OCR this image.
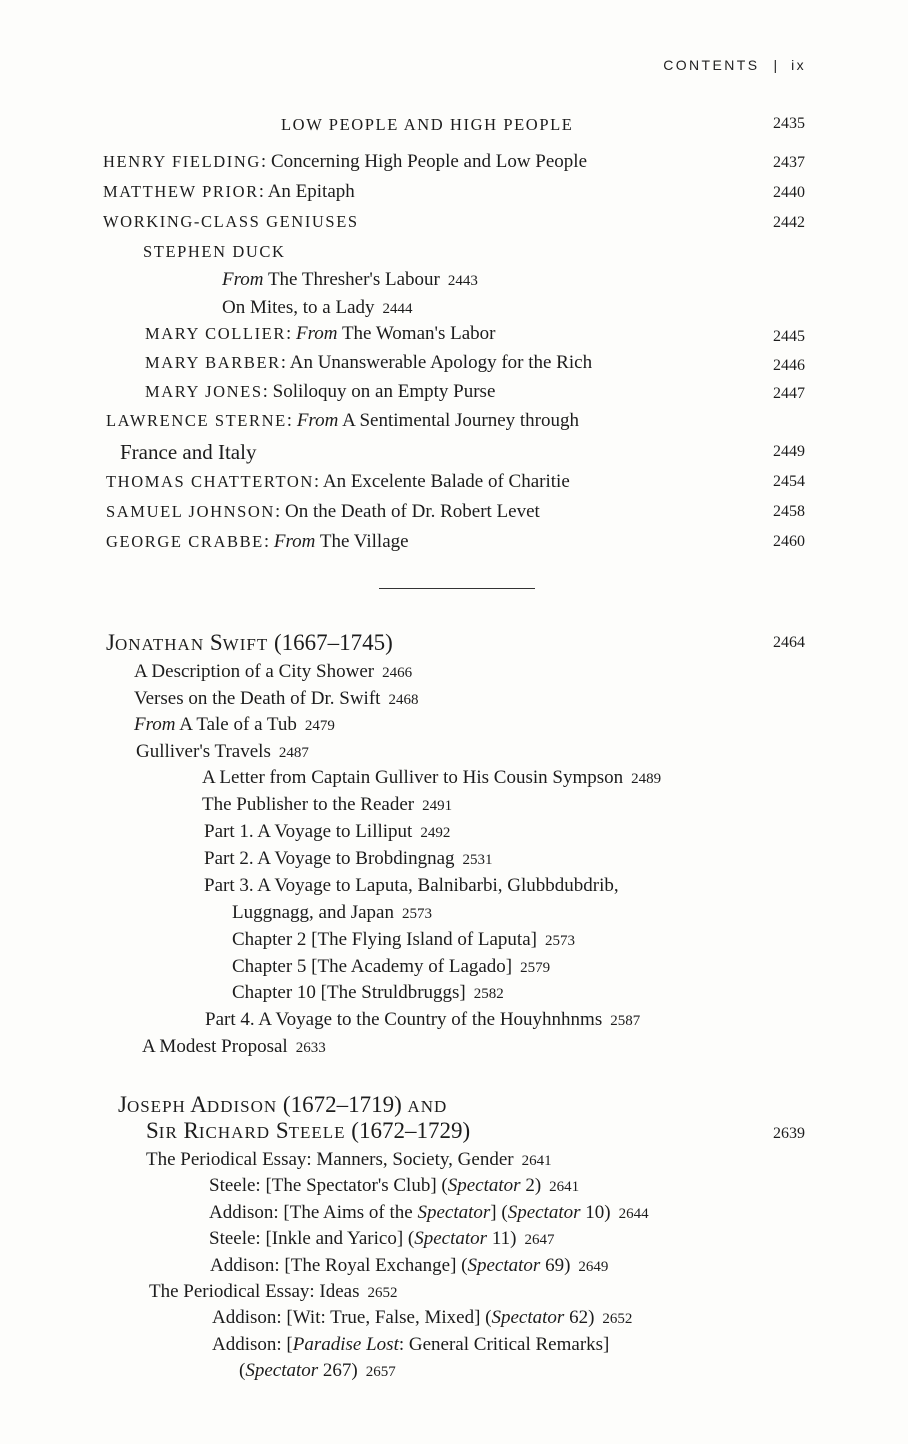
CONTENTS | ix
LOW PEOPLE AND HIGH PEOPLE	2435
HENRY FIELDING: Concerning High People and Low People	2437
MATTHEW PRIOR: An Epitaph	2440
WORKING-CLASS GENIUSES	2442
STEPHEN DUCK
From The Thresher's Labour 2443
On Mites, to a Lady 2444
MARY COLLIER: From The Woman's Labor	2445
MARY BARBER: An Unanswerable Apology for the Rich	2446
MARY JONES: Soliloquy on an Empty Purse	2447
LAWRENCE STERNE: From A Sentimental Journey through
France and Italy	2449
THOMAS CHATTERTON: An Excelente Balade of Charitie	2454
SAMUEL JOHNSON: On the Death of Dr. Robert Levet	2458
GEORGE CRABBE: From The Village	2460
JONATHAN SWIFT (1667–1745)	2464
A Description of a City Shower 2466
Verses on the Death of Dr. Swift 2468
From A Tale of a Tub 2479
Gulliver's Travels 2487
A Letter from Captain Gulliver to His Cousin Sympson 2489
The Publisher to the Reader 2491
Part 1. A Voyage to Lilliput 2492
Part 2. A Voyage to Brobdingnag 2531
Part 3. A Voyage to Laputa, Balnibarbi, Glubbdubdrib,
Luggnagg, and Japan 2573
Chapter 2 [The Flying Island of Laputa] 2573
Chapter 5 [The Academy of Lagado] 2579
Chapter 10 [The Struldbruggs] 2582
Part 4. A Voyage to the Country of the Houyhnhnms 2587
A Modest Proposal 2633
JOSEPH ADDISON (1672–1719) AND
SIR RICHARD STEELE (1672–1729)	2639
The Periodical Essay: Manners, Society, Gender 2641
Steele: [The Spectator's Club] (Spectator 2) 2641
Addison: [The Aims of the Spectator] (Spectator 10) 2644
Steele: [Inkle and Yarico] (Spectator 11) 2647
Addison: [The Royal Exchange] (Spectator 69) 2649
The Periodical Essay: Ideas 2652
Addison: [Wit: True, False, Mixed] (Spectator 62) 2652
Addison: [Paradise Lost: General Critical Remarks]
(Spectator 267) 2657
